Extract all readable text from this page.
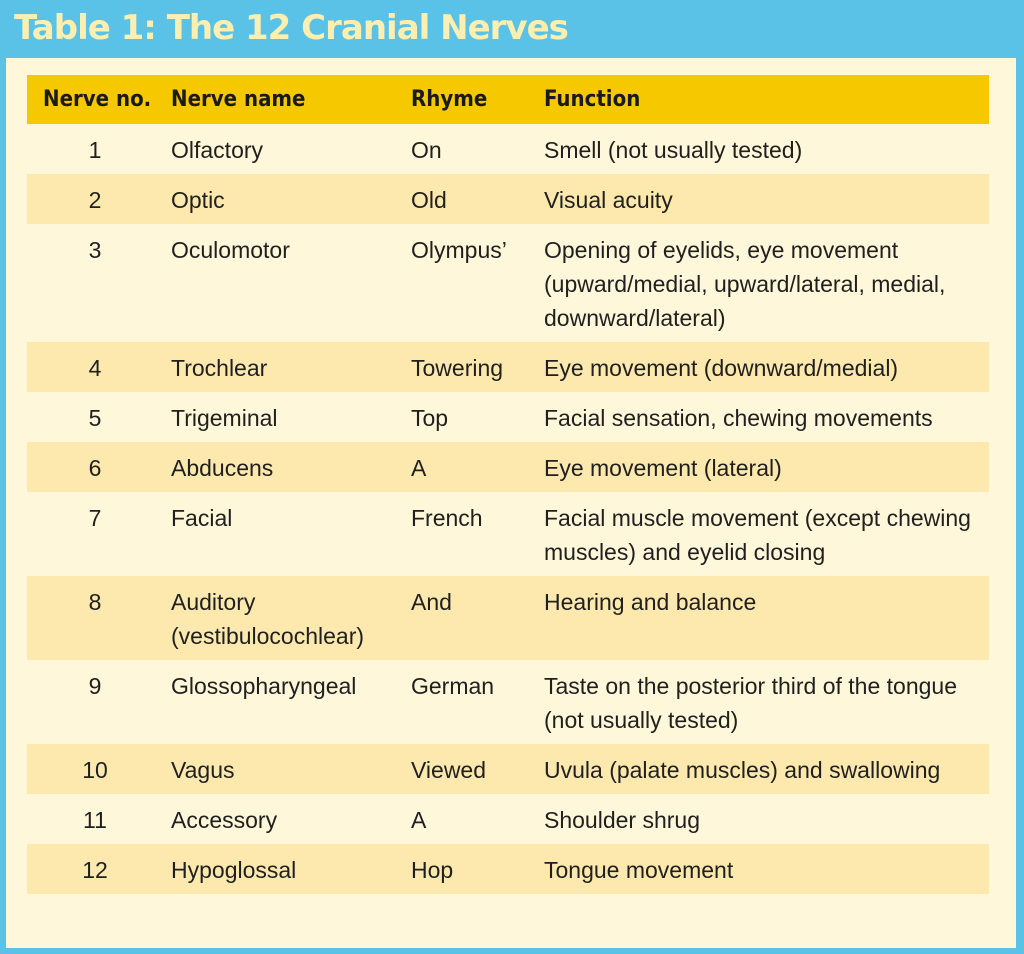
Table 1: The 12 Cranial Nerves
Nerve no.	Nerve name	Rhyme	Function
1	Olfactory	On	Smell (not usually tested)
2	Optic	Old	Visual acuity
3	Oculomotor	Olympus’	Opening of eyelids, eye movement (upward/medial, upward/lateral, medial, downward/lateral)
4	Trochlear	Towering	Eye movement (downward/medial)
5	Trigeminal	Top	Facial sensation, chewing movements
6	Abducens	A	Eye movement (lateral)
7	Facial	French	Facial muscle movement (except chewing muscles) and eyelid closing
8	Auditory (vestibulocochlear)	And	Hearing and balance
9	Glossopharyngeal	German	Taste on the posterior third of the tongue (not usually tested)
10	Vagus	Viewed	Uvula (palate muscles) and swallowing
11	Accessory	A	Shoulder shrug
12	Hypoglossal	Hop	Tongue movement
